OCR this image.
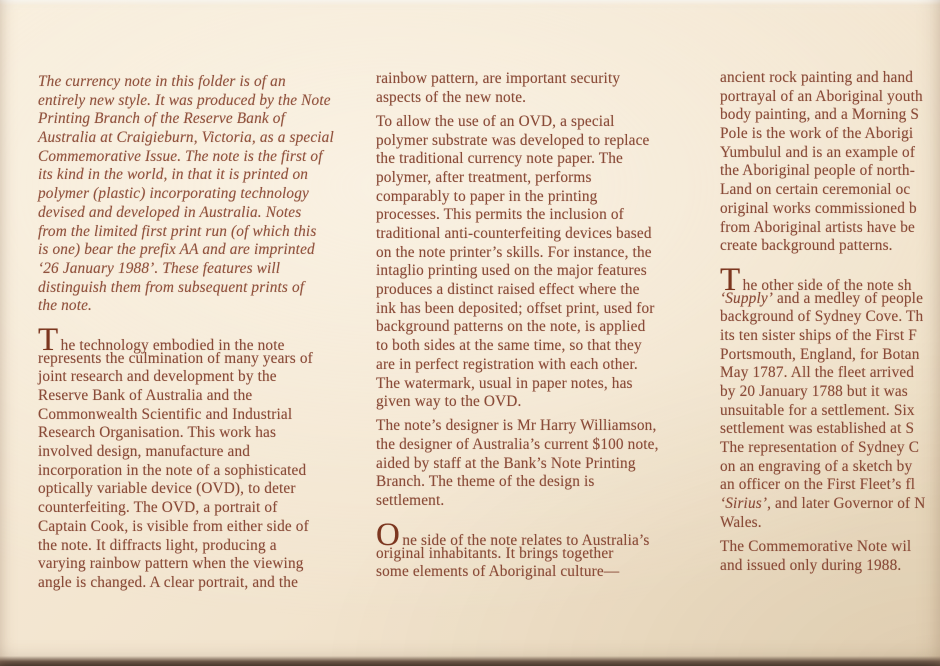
The currency note in this folder is of an
entirely new style. It was produced by the Note
Printing Branch of the Reserve Bank of
Australia at Craigieburn, Victoria, as a special
Commemorative Issue. The note is the first of
its kind in the world, in that it is printed on
polymer (plastic) incorporating technology
devised and developed in Australia. Notes
from the limited first print run (of which this
is one) bear the prefix AA and are imprinted
‘26 January 1988’. These features will
distinguish them from subsequent prints of
the note.
The technology embodied in the note
represents the culmination of many years of
joint research and development by the
Reserve Bank of Australia and the
Commonwealth Scientific and Industrial
Research Organisation. This work has
involved design, manufacture and
incorporation in the note of a sophisticated
optically variable device (OVD), to deter
counterfeiting. The OVD, a portrait of
Captain Cook, is visible from either side of
the note. It diffracts light, producing a
varying rainbow pattern when the viewing
angle is changed. A clear portrait, and the
rainbow pattern, are important security
aspects of the new note.
To allow the use of an OVD, a special
polymer substrate was developed to replace
the traditional currency note paper. The
polymer, after treatment, performs
comparably to paper in the printing
processes. This permits the inclusion of
traditional anti-counterfeiting devices based
on the note printer’s skills. For instance, the
intaglio printing used on the major features
produces a distinct raised effect where the
ink has been deposited; offset print, used for
background patterns on the note, is applied
to both sides at the same time, so that they
are in perfect registration with each other.
The watermark, usual in paper notes, has
given way to the OVD.
The note’s designer is Mr Harry Williamson,
the designer of Australia’s current $100 note,
aided by staff at the Bank’s Note Printing
Branch. The theme of the design is
settlement.
One side of the note relates to Australia’s
original inhabitants. It brings together
some elements of Aboriginal culture—
ancient rock painting and hand
portrayal of an Aboriginal youth
body painting, and a Morning S
Pole is the work of the Aborigi
Yumbulul and is an example of
the Aboriginal people of north-
Land on certain ceremonial oc
original works commissioned b
from Aboriginal artists have be
create background patterns.
The other side of the note sh
‘Supply’ and a medley of people
background of Sydney Cove. Th
its ten sister ships of the First F
Portsmouth, England, for Botan
May 1787. All the fleet arrived
by 20 January 1788 but it was
unsuitable for a settlement. Six
settlement was established at S
The representation of Sydney C
on an engraving of a sketch by
an officer on the First Fleet’s fl
‘Sirius’, and later Governor of N
Wales.
The Commemorative Note wil
and issued only during 1988.
